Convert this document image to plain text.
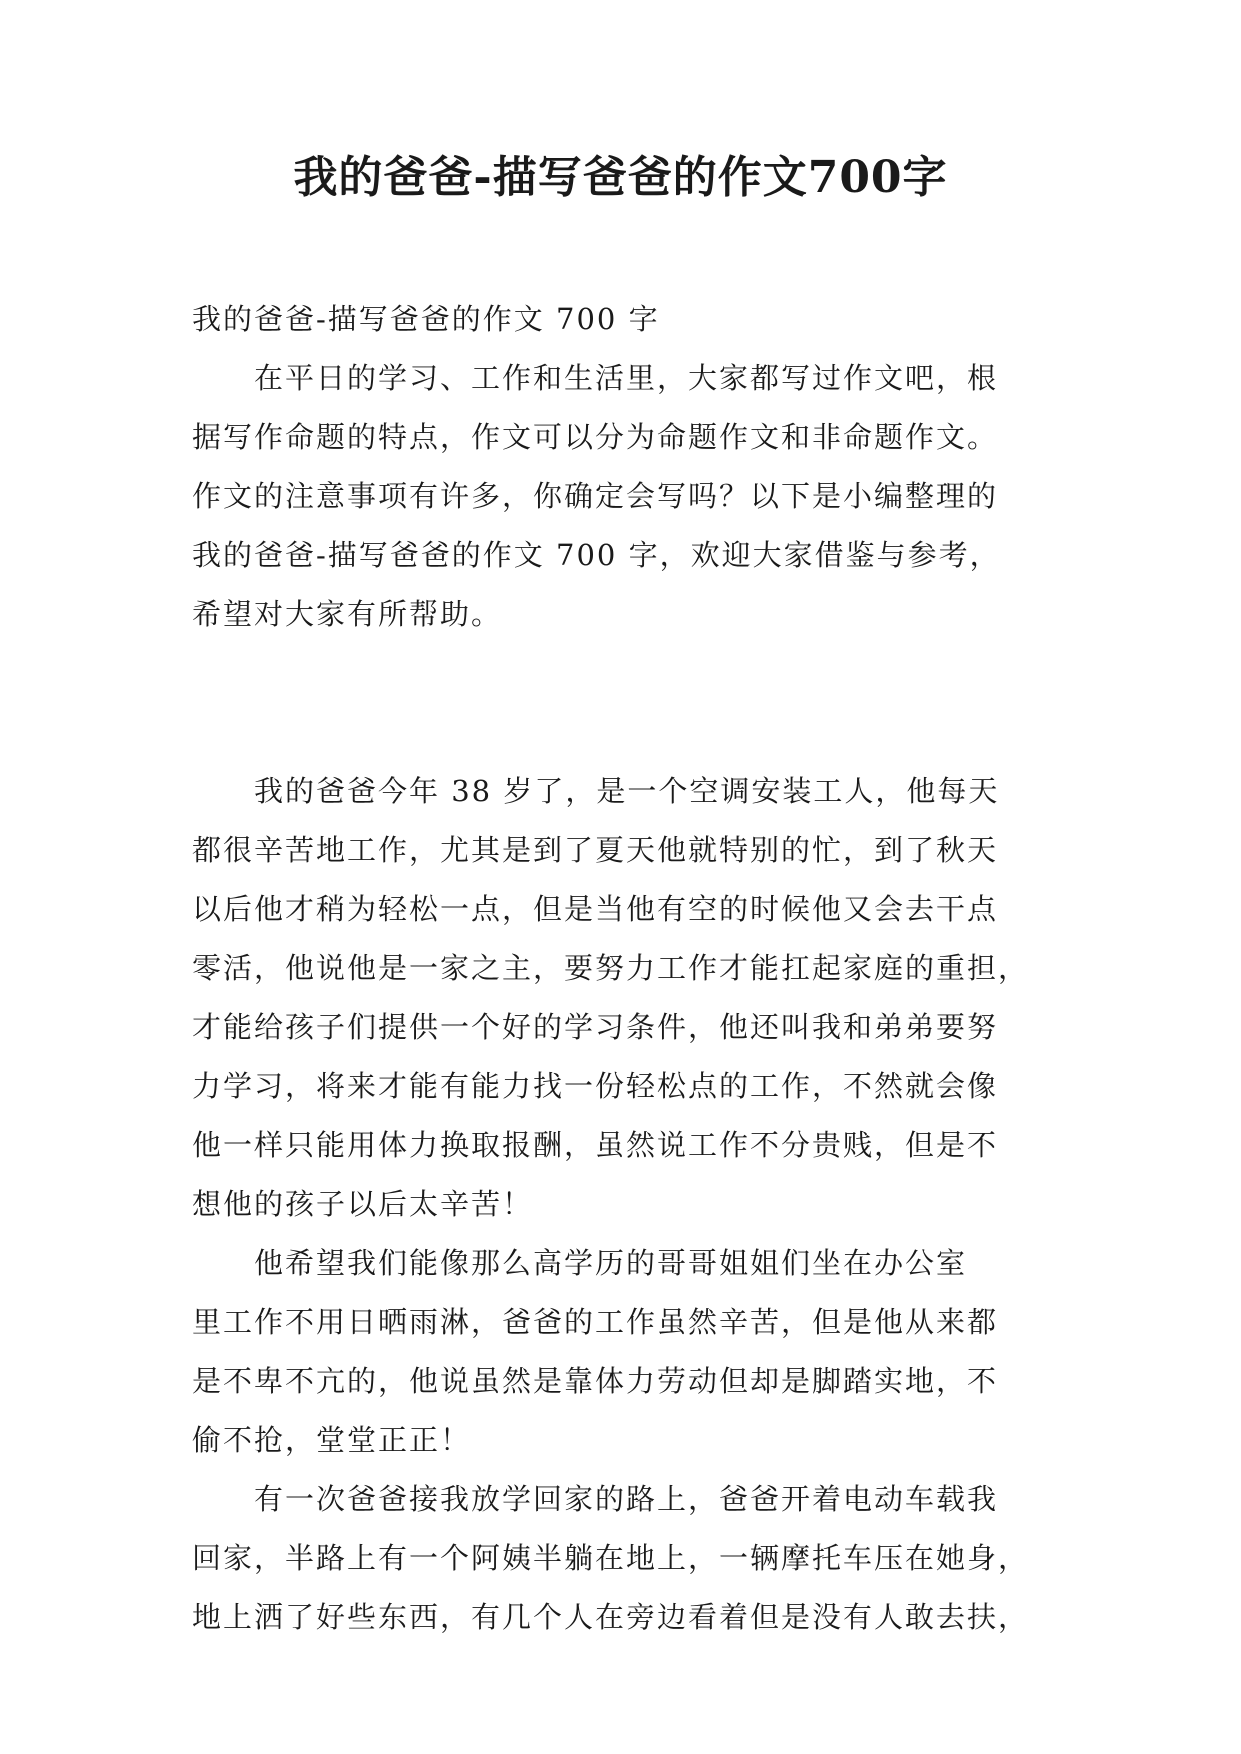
我的爸爸-描写爸爸的作文700字
我的爸爸-描写爸爸的作文 700 字
　　在平日的学习、工作和生活里，大家都写过作文吧，根
据写作命题的特点，作文可以分为命题作文和非命题作文。
作文的注意事项有许多，你确定会写吗？以下是小编整理的
我的爸爸-描写爸爸的作文 700 字，欢迎大家借鉴与参考，
希望对大家有所帮助。
　　我的爸爸今年 38 岁了，是一个空调安装工人，他每天
都很辛苦地工作，尤其是到了夏天他就特别的忙，到了秋天
以后他才稍为轻松一点，但是当他有空的时候他又会去干点
零活，他说他是一家之主，要努力工作才能扛起家庭的重担，
才能给孩子们提供一个好的学习条件，他还叫我和弟弟要努
力学习，将来才能有能力找一份轻松点的工作，不然就会像
他一样只能用体力换取报酬，虽然说工作不分贵贱，但是不
想他的孩子以后太辛苦！
　　他希望我们能像那么高学历的哥哥姐姐们坐在办公室
里工作不用日晒雨淋，爸爸的工作虽然辛苦，但是他从来都
是不卑不亢的，他说虽然是靠体力劳动但却是脚踏实地，不
偷不抢，堂堂正正！
　　有一次爸爸接我放学回家的路上，爸爸开着电动车载我
回家，半路上有一个阿姨半躺在地上，一辆摩托车压在她身，
地上洒了好些东西，有几个人在旁边看着但是没有人敢去扶，
